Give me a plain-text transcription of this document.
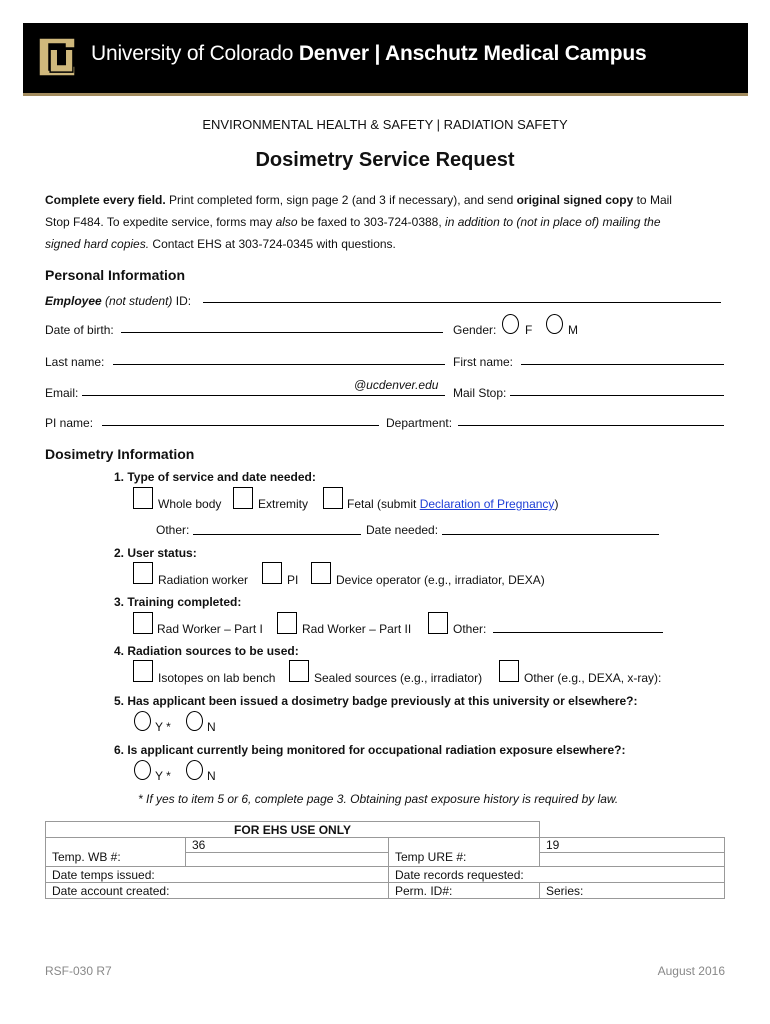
University of Colorado Denver | Anschutz Medical Campus
ENVIRONMENTAL HEALTH & SAFETY | RADIATION SAFETY
Dosimetry Service Request
Complete every field. Print completed form, sign page 2 (and 3 if necessary), and send original signed copy to Mail
Stop F484. To expedite service, forms may also be faxed to 303-724-0388, in addition to (not in place of) mailing the
signed hard copies. Contact EHS at 303-724-0345 with questions.
Personal Information
Employee (not student) ID:
Date of birth:	Gender: F	M
Last name:	First name:
Email:
@ucdenver.edu
Mail Stop:
PI name:	Department:
Dosimetry Information
1. Type of service and date needed:
Whole body	Extremity	Fetal (submit Declaration of Pregnancy)
Other:	Date needed:
2. User status:
Radiation worker	PI	Device operator (e.g., irradiator, DEXA)
3. Training completed:
Rad Worker – Part I	Rad Worker – Part II	Other:
4. Radiation sources to be used:
Isotopes on lab bench	Sealed sources (e.g., irradiator)	Other (e.g., DEXA, x-ray):
5. Has applicant been issued a dosimetry badge previously at this university or elsewhere?:
Y *	N
6. Is applicant currently being monitored for occupational radiation exposure elsewhere?:
Y *	N
* If yes to item 5 or 6, complete page 3. Obtaining past exposure history is required by law.
FOR EHS USE ONLY			
Temp. WB #:	36	Temp URE #:	19

Date temps issued:		Date records requested:	
Date account created:		Perm. ID#:	Series:
RSF-030 R7	August 2016
